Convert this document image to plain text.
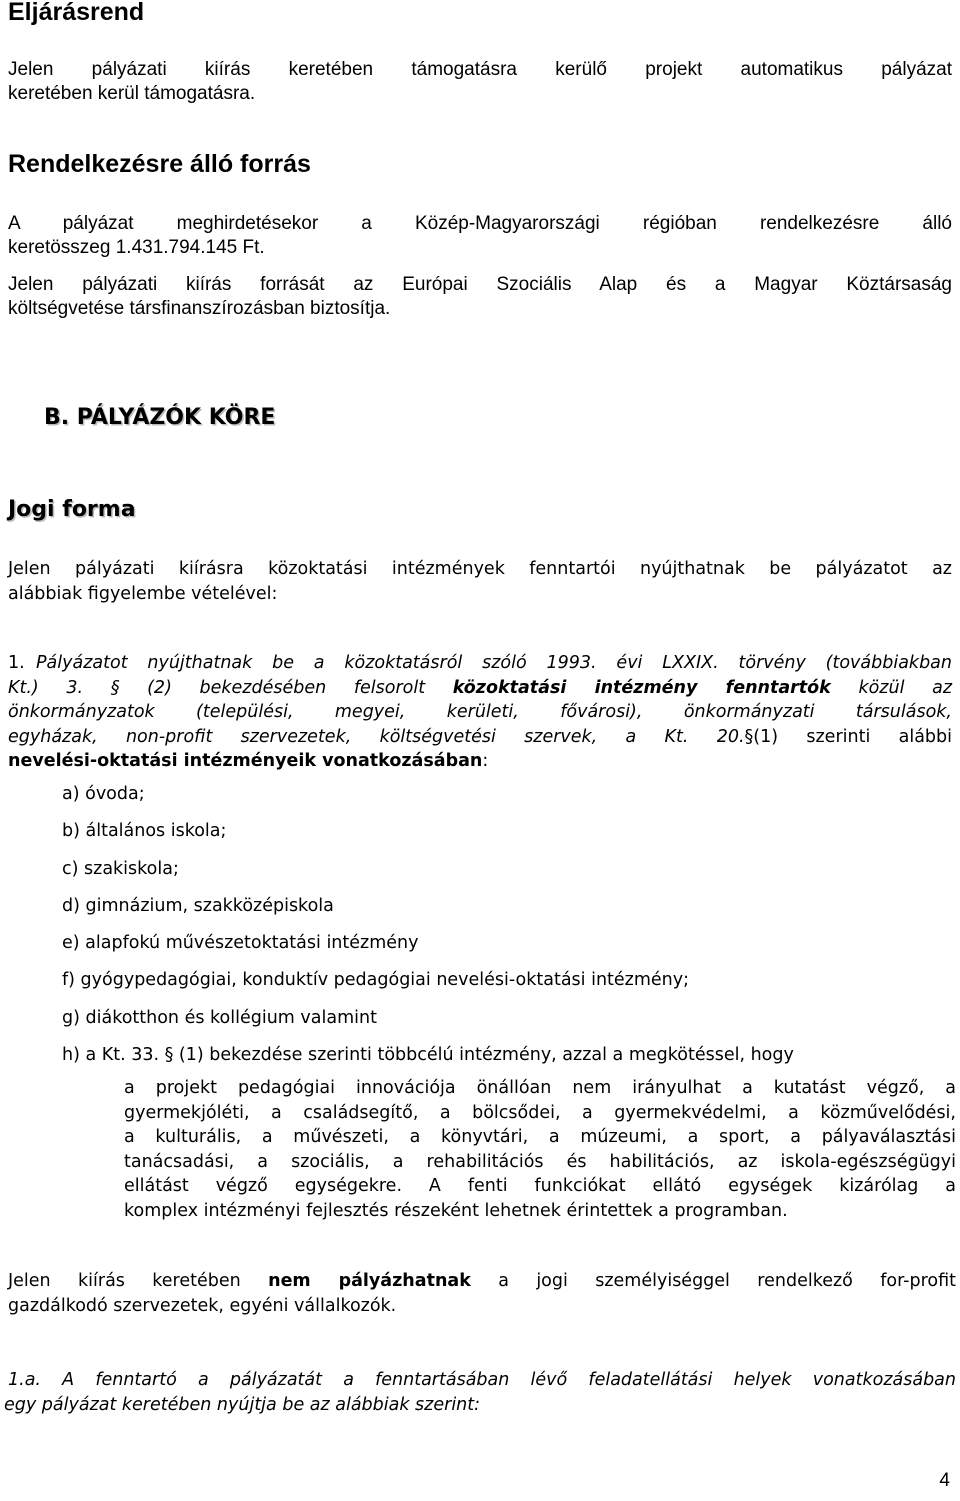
Eljárásrend
Jelen pályázati kiírás keretében támogatásra kerülő projekt automatikus pályázat
keretében kerül támogatásra.
Rendelkezésre álló forrás
A pályázat meghirdetésekor a Közép-Magyarországi régióban rendelkezésre álló
keretösszeg 1.431.794.145 Ft.
Jelen pályázati kiírás forrását az Európai Szociális Alap és a Magyar Köztársaság
költségvetése társfinanszírozásban biztosítja.
B. PÁLYÁZÓK KÖRE
Jogi forma
Jelen pályázati kiírásra közoktatási intézmények fenntartói nyújthatnak be pályázatot az
alábbiak figyelembe vételével:
1. Pályázatot nyújthatnak be a közoktatásról szóló 1993. évi LXXIX. törvény (továbbiakban
Kt.) 3. § (2) bekezdésében felsorolt közoktatási intézmény fenntartók közül az
önkormányzatok (települési, megyei, kerületi, fővárosi), önkormányzati társulások,
egyházak, non-profit szervezetek, költségvetési szervek, a Kt. 20.§(1) szerinti alábbi
nevelési-oktatási intézményeik vonatkozásában:
a) óvoda;
b) általános iskola;
c) szakiskola;
d) gimnázium, szakközépiskola
e) alapfokú művészetoktatási intézmény
f) gyógypedagógiai, konduktív pedagógiai nevelési-oktatási intézmény;
g) diákotthon és kollégium valamint
h) a Kt. 33. § (1) bekezdése szerinti többcélú intézmény, azzal a megkötéssel, hogy
a projekt pedagógiai innovációja önállóan nem irányulhat a kutatást végző, a
gyermekjóléti, a családsegítő, a bölcsődei, a gyermekvédelmi, a közművelődési,
a kulturális, a művészeti, a könyvtári, a múzeumi, a sport, a pályaválasztási
tanácsadási, a szociális, a rehabilitációs és habilitációs, az iskola-egészségügyi
ellátást végző egységekre. A fenti funkciókat ellátó egységek kizárólag a
komplex intézményi fejlesztés részeként lehetnek érintettek a programban.
Jelen kiírás keretében nem pályázhatnak a jogi személyiséggel rendelkező for-profit
gazdálkodó szervezetek, egyéni vállalkozók.
1.a. A fenntartó a pályázatát a fenntartásában lévő feladatellátási helyek vonatkozásában
egy pályázat keretében nyújtja be az alábbiak szerint:
4
